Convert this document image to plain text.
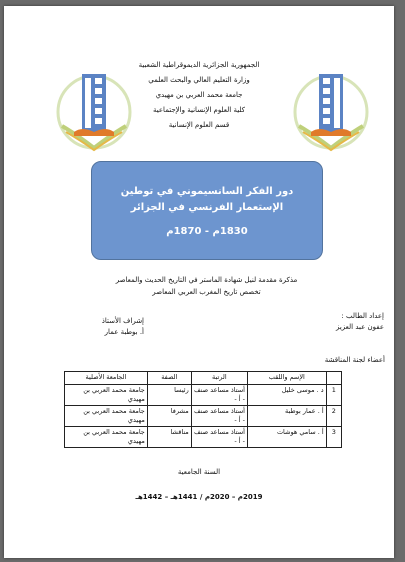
الجمهورية الجزائرية الديموقراطية الشعبية
وزارة التعليم العالي والبحث العلمي
جامعة محمد العربي بن مهيدي
كلية العلوم الإنسانية والإجتماعية
قسم العلوم الإنسانية
دور الفكر السانسيموني في توطين الإستعمار الفرنسي في الجزائر
1830م - 1870م
مذكرة مقدمة لنيل شهادة الماستر في التاريخ الحديث والمعاصر
تخصص تاريخ المغرب العربي المعاصر
إعداد الطالب :
عفون عبد العزيز
إشراف الأستاذ
أ. بوطبة عمار
أعضاء لجنة المناقشة
	الإسم واللقب	الرتبة	الصفة	الجامعة الأصلية
1	د . موسى خليل	أستاذ مساعد صنف - أ -	رئيسا	جامعة محمد العربي بن مهيدي
2	أ . عمار بوطبة	أستاذ مساعد صنف - أ -	مشرفا	جامعة محمد العربي بن مهيدي
3	أ . سامي هوشات	أستاذ مساعد صنف - أ -	مناقشا	جامعة محمد العربي بن مهيدي
السنة الجامعية
2019م – 2020م / 1441هـ – 1442هـ
